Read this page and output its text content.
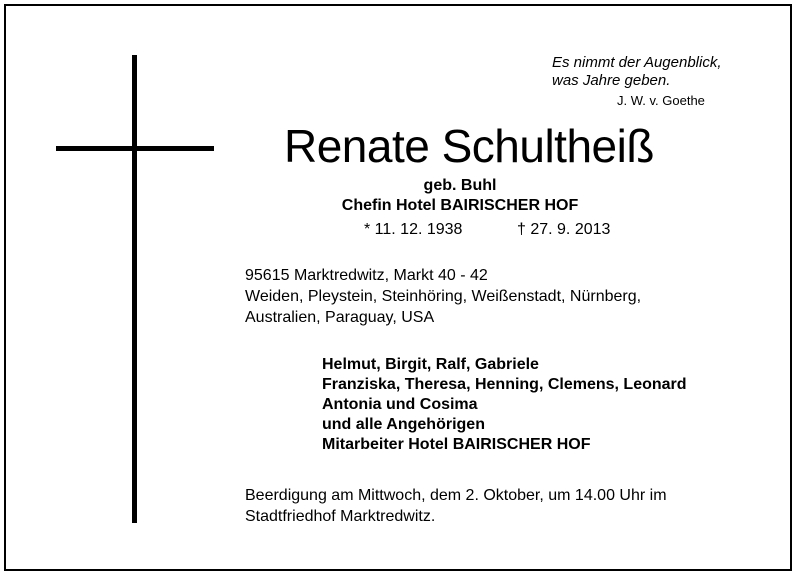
Es nimmt der Augenblick,
was Jahre geben.
J. W. v. Goethe
Renate Schultheiß
geb. Buhl
Chefin Hotel BAIRISCHER HOF
* 11. 12. 1938	† 27. 9. 2013
95615 Marktredwitz, Markt 40 - 42
Weiden, Pleystein, Steinhöring, Weißenstadt, Nürnberg,
Australien, Paraguay, USA
Helmut, Birgit, Ralf, Gabriele
Franziska, Theresa, Henning, Clemens, Leonard
Antonia und Cosima
und alle Angehörigen
Mitarbeiter Hotel BAIRISCHER HOF
Beerdigung am Mittwoch, dem 2. Oktober, um 14.00 Uhr im
Stadtfriedhof Marktredwitz.
